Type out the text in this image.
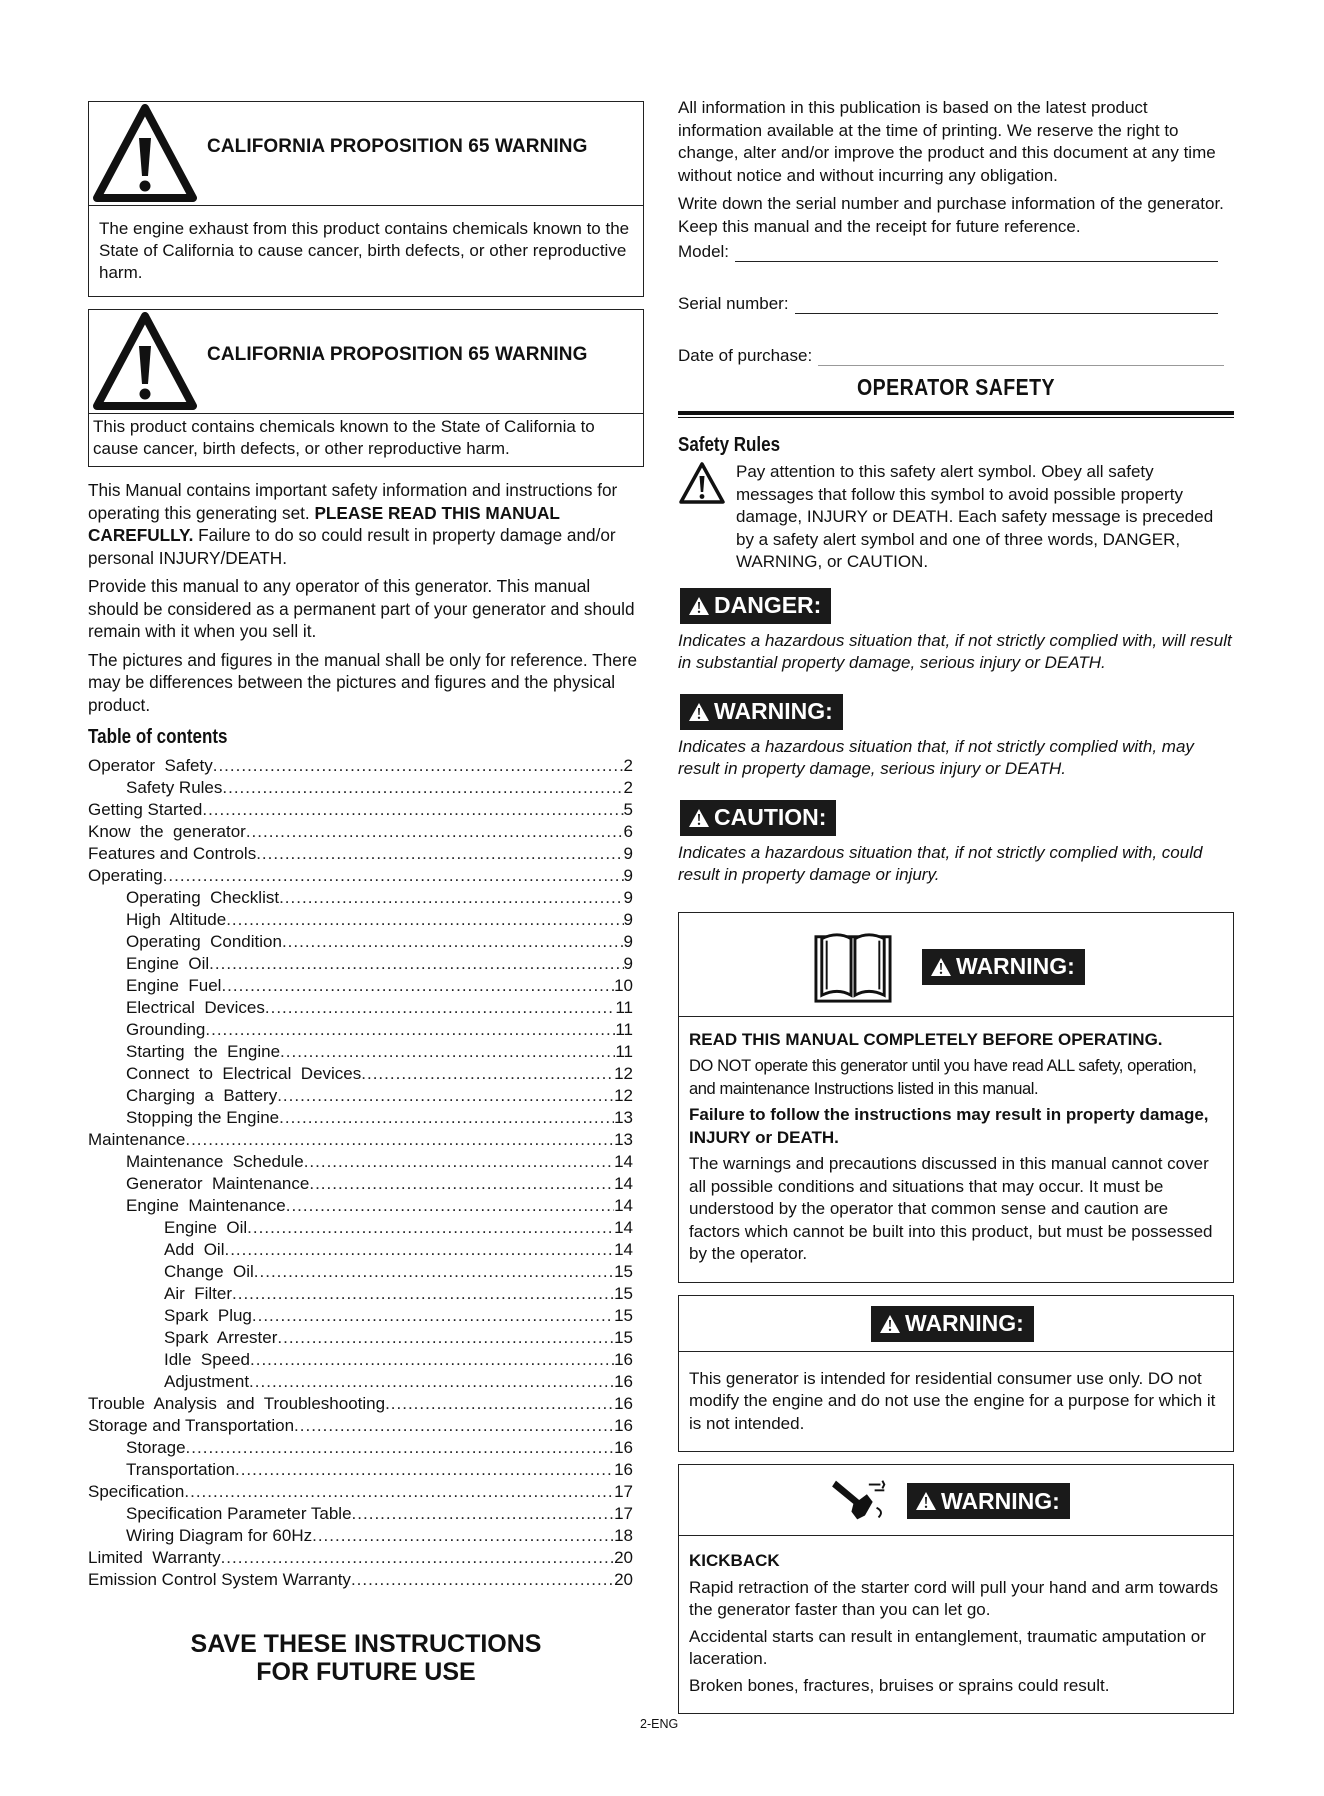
CALIFORNIA PROPOSITION 65 WARNING
The engine exhaust from this product contains chemicals known to the State of California to cause cancer, birth defects, or other reproductive harm.
CALIFORNIA PROPOSITION 65 WARNING
This product contains chemicals known to the State of California to cause cancer, birth defects, or other reproductive harm.

This Manual contains important safety information and instructions for operating this generating set. PLEASE READ THIS MANUAL CAREFULLY. Failure to do so could result in property damage and/or personal INJURY/DEATH.

Provide this manual to any operator of this generator. This manual should be considered as a permanent part of your generator and should remain with it when you sell it.

The pictures and figures in the manual shall be only for reference. There may be differences between the pictures and figures and the physical product.

Table of contents
Operator  Safety .....	2
Safety Rules .....	2
Getting Started .....	5
Know  the  generator .....	6
Features and Controls .....	9
Operating .....	9
Operating  Checklist .....	9
High  Altitude .....	9
Operating  Condition .....	9
Engine  Oil .....	9
Engine  Fuel .....	10
Electrical  Devices .....	11
Grounding .....	11
Starting  the  Engine .....	11
Connect  to  Electrical  Devices .....	12
Charging  a  Battery .....	12
Stopping the Engine .....	13
Maintenance .....	13
Maintenance  Schedule .....	14
Generator  Maintenance .....	14
Engine  Maintenance .....	14
Engine  Oil .....	14
Add  Oil .....	14
Change  Oil .....	15
Air  Filter .....	15
Spark  Plug .....	15
Spark  Arrester .....	15
Idle  Speed .....	16
Adjustment .....	16
Trouble  Analysis  and  Troubleshooting .....	16
Storage and Transportation .....	16
Storage .....	16
Transportation .....	16
Specification .....	17
Specification Parameter Table .....	17
Wiring Diagram for 60Hz .....	18
Limited  Warranty .....	20
Emission Control System Warranty .....	20
SAVE THESE INSTRUCTIONS
FOR FUTURE USE

All information in this publication is based on the latest product information available at the time of printing. We reserve the right to change, alter and/or improve the product and this document at any time without notice and without incurring any obligation.

Write down the serial number and purchase information of the generator. Keep this manual and the receipt for future reference.

Model:
Serial number:
Date of purchase:
OPERATOR SAFETY
Safety Rules
Pay attention to this safety alert symbol. Obey all safety messages that follow this symbol to avoid possible property damage, INJURY or DEATH. Each safety message is preceded by a safety alert symbol and one of three words, DANGER, WARNING, or CAUTION.
DANGER:

Indicates a hazardous situation that, if not strictly complied with, will result in substantial property damage, serious injury or DEATH.

WARNING:

Indicates a hazardous situation that, if not strictly complied with, may result in property damage, serious injury or DEATH.

CAUTION:

Indicates a hazardous situation that, if not strictly complied with, could result in property damage or injury.

WARNING:

READ THIS MANUAL COMPLETELY BEFORE OPERATING.

DO NOT operate this generator until you have read ALL safety, operation, and maintenance Instructions listed in this manual.

Failure to follow the instructions may result in property damage, INJURY or DEATH.

The warnings and precautions discussed in this manual cannot cover all possible conditions and situations that may occur. It must be understood by the operator that common sense and caution are factors which cannot be built into this product, but must be possessed by the operator.

WARNING:

This generator is intended for residential consumer use only. DO not modify the engine and do not use the engine for a purpose for which it is not intended.

WARNING:

KICKBACK

Rapid retraction of the starter cord will pull your hand and arm towards the generator faster than you can let go.

Accidental starts can result in entanglement, traumatic amputation or laceration.

Broken bones, fractures, bruises or sprains could result.

2-ENG
